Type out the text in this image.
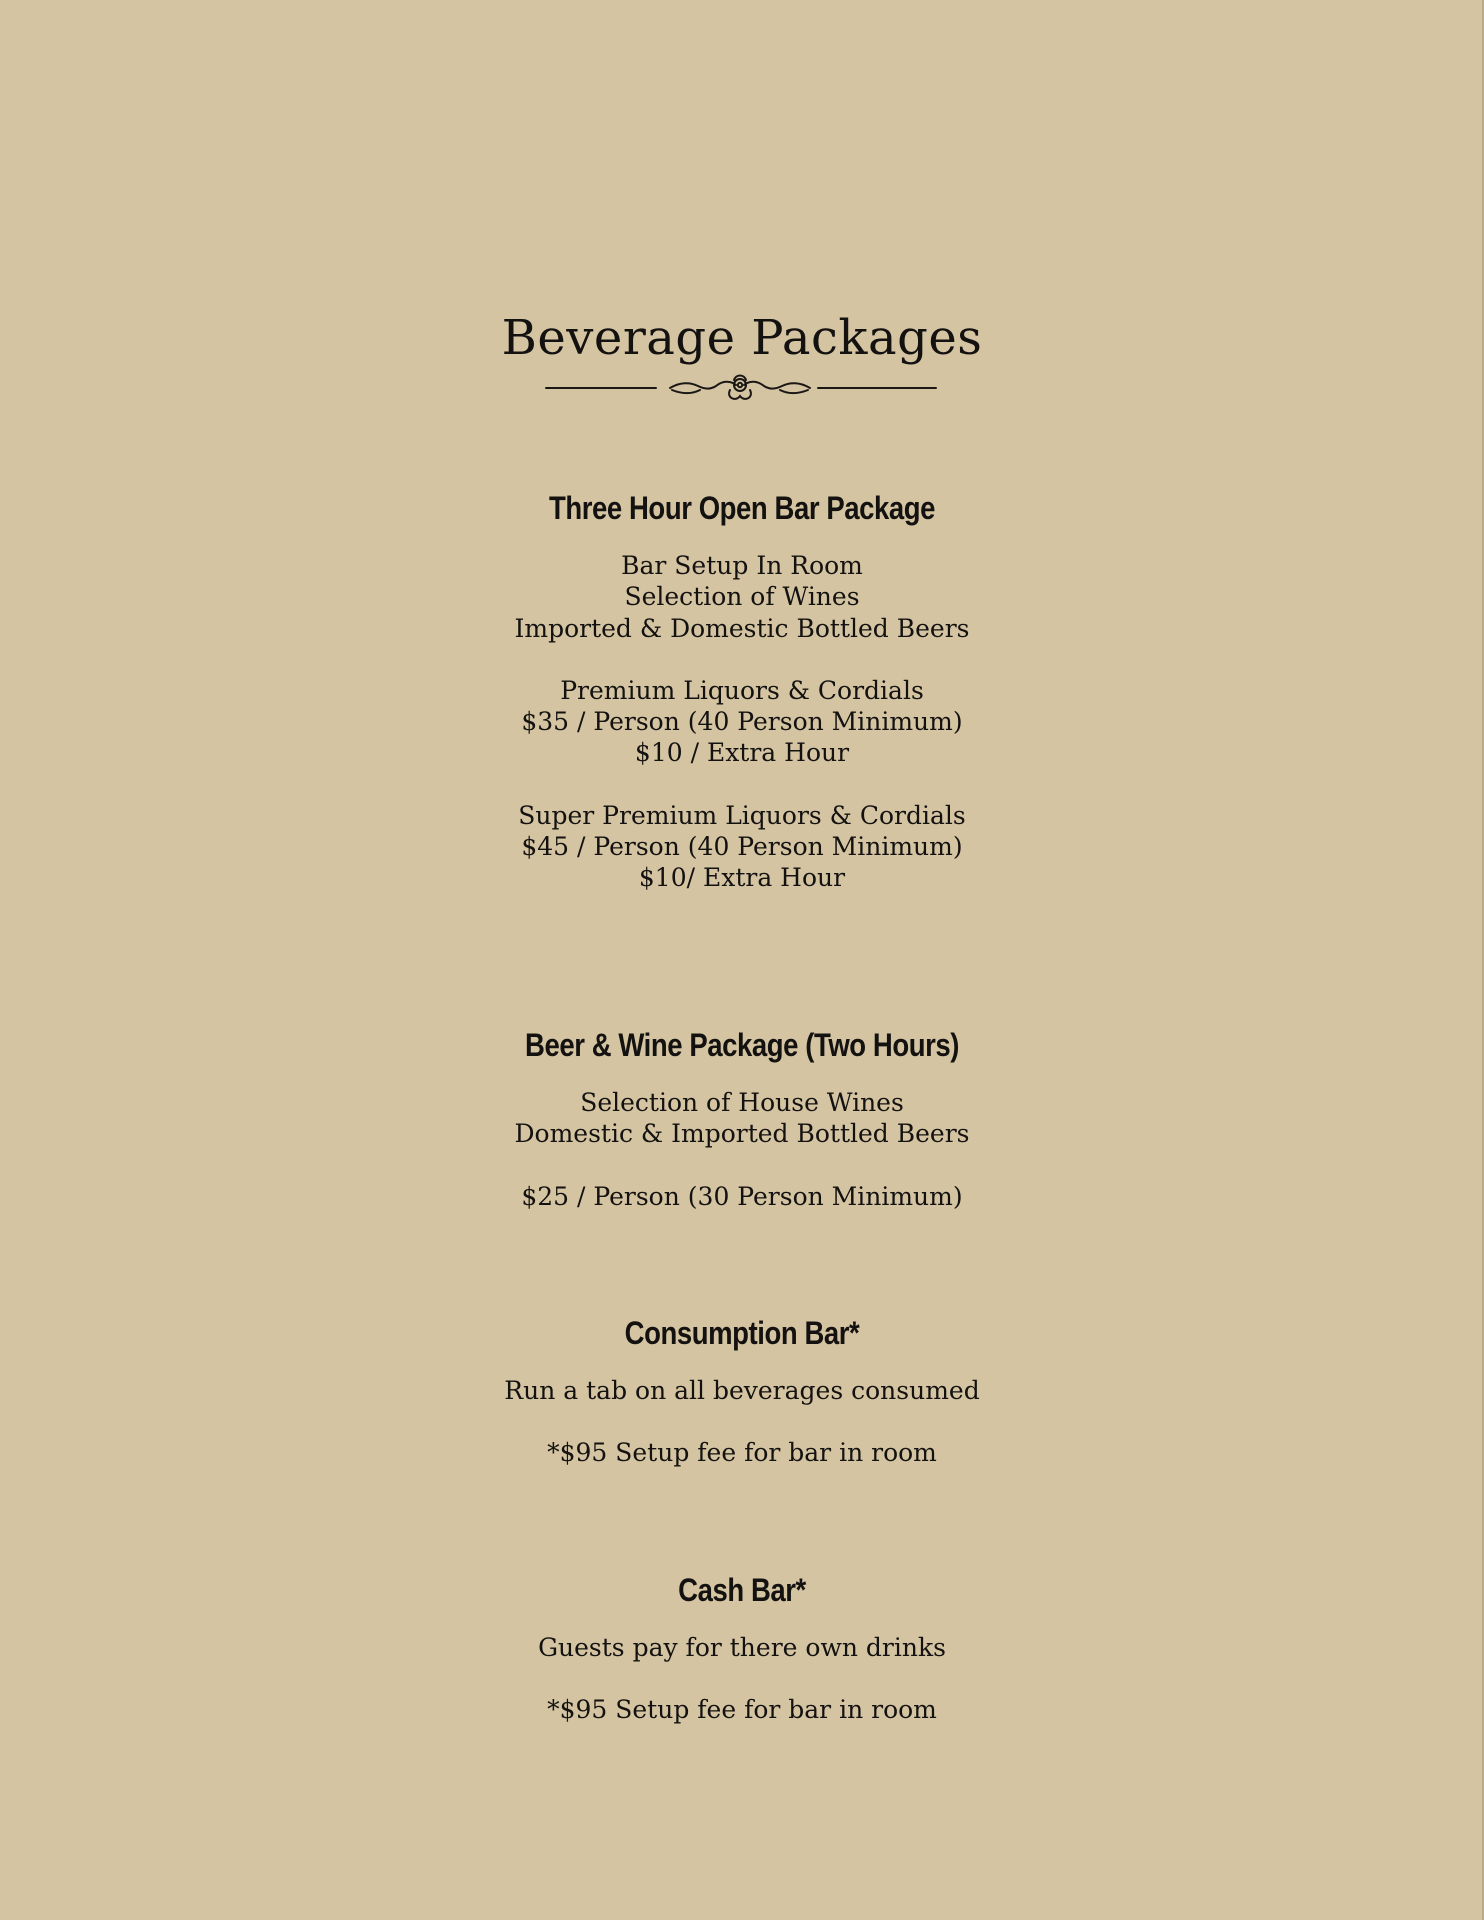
Beverage Packages
Three Hour Open Bar Package
Bar Setup In Room
Selection of Wines
Imported & Domestic Bottled Beers
Premium Liquors & Cordials
$35 / Person (40 Person Minimum)
$10 / Extra Hour
Super Premium Liquors & Cordials
$45 / Person (40 Person Minimum)
$10/ Extra Hour
Beer & Wine Package (Two Hours)
Selection of House Wines
Domestic & Imported Bottled Beers
$25 / Person (30 Person Minimum)
Consumption Bar*
Run a tab on all beverages consumed
*$95 Setup fee for bar in room
Cash Bar*
Guests pay for there own drinks
*$95 Setup fee for bar in room
